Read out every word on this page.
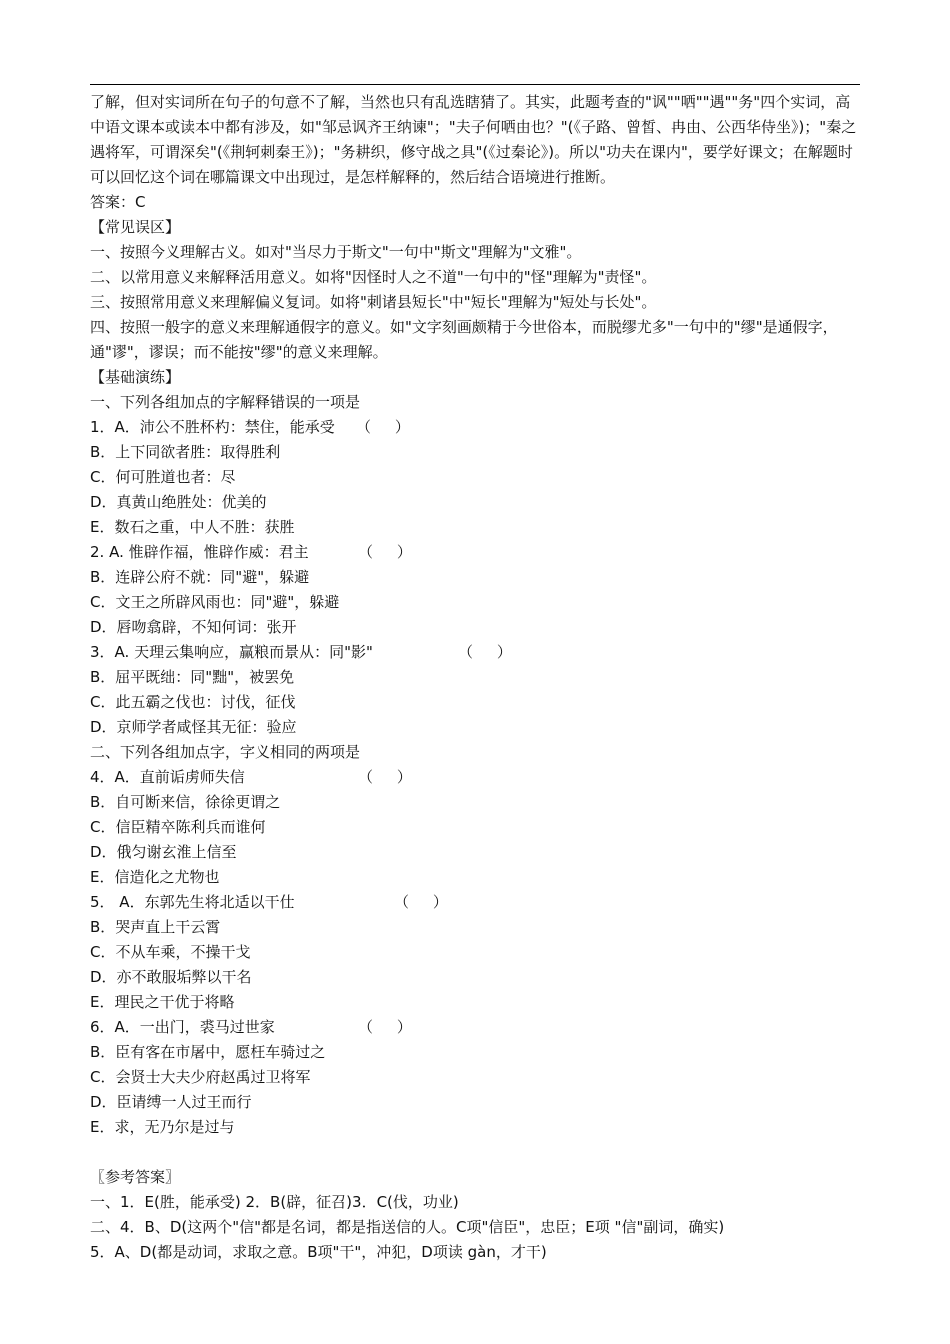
了解，但对实词所在句子的句意不了解，当然也只有乱选瞎猜了。其实，此题考查的"讽""哂""遇""务"四个实词，高中语文课本或读本中都有涉及，如"邹忌讽齐王纳谏"；"夫子何哂由也？"(《子路、曾皙、冉由、公西华侍坐》)；"秦之遇将军，可谓深矣"(《荆轲刺秦王》)；"务耕织，修守战之具"(《过秦论》)。所以"功夫在课内"，要学好课文；在解题时可以回忆这个词在哪篇课文中出现过，是怎样解释的，然后结合语境进行推断。

答案：C
【常见误区】
一、按照今义理解古义。如对"当尽力于斯文"一句中"斯文"理解为"文雅"。
二、以常用意义来解释活用意义。如将"因怪时人之不道"一句中的"怪"理解为"责怪"。
三、按照常用意义来理解偏义复词。如将"刺诸县短长"中"短长"理解为"短处与长处"。

四、按照一般字的意义来理解通假字的意义。如"文字刻画颇精于今世俗本，而脱缪尤多"一句中的"缪"是通假字，通"谬"，谬误；而不能按"缪"的意义来理解。

【基础演练】
一、下列各组加点的字解释错误的一项是
1．A．沛公不胜杯杓：禁住，能承受 （     ）
B．上下同欲者胜：取得胜利
C．何可胜道也者：尽
D．真黄山绝胜处：优美的
E．数石之重，中人不胜：获胜
2. A. 惟辟作福，惟辟作威：君主	（     ）
B．连辟公府不就：同"避"，躲避
C．文王之所辟风雨也：同"避"，躲避
D．唇吻翕辟，不知何词：张开
3．A. 天理云集响应，赢粮而景从：同"影"	（     ）
B．屈平既绌：同"黜"，被罢免
C．此五霸之伐也：讨伐，征伐
D．京师学者咸怪其无征：验应
二、下列各组加点字，字义相同的两项是
4．A．直前诟虏师失信	（     ）
B．自可断来信，徐徐更谓之
C．信臣精卒陈利兵而谁何
D．俄匀谢玄淮上信至
E．信造化之尤物也
5． A．东郭先生将北适以干仕	（     ）
B．哭声直上干云霄
C．不从车乘，不操干戈
D．亦不敢服垢弊以干名
E．理民之干优于将略
6．A．一出门，裘马过世家	（     ）
B．臣有客在市屠中，愿枉车骑过之
C．会贤士大夫少府赵禹过卫将军
D．臣请缚一人过王而行
E．求，无乃尔是过与
〖参考答案〗
一、1．E(胜，能承受) 2．B(辟，征召)3．C(伐，功业)
二、4．B、D(这两个"信"都是名词，都是指送信的人。C项"信臣"，忠臣；E项 "信"副词，确实)
5．A、D(都是动词，求取之意。B项"干"，冲犯，D项读 gàn，才干)
